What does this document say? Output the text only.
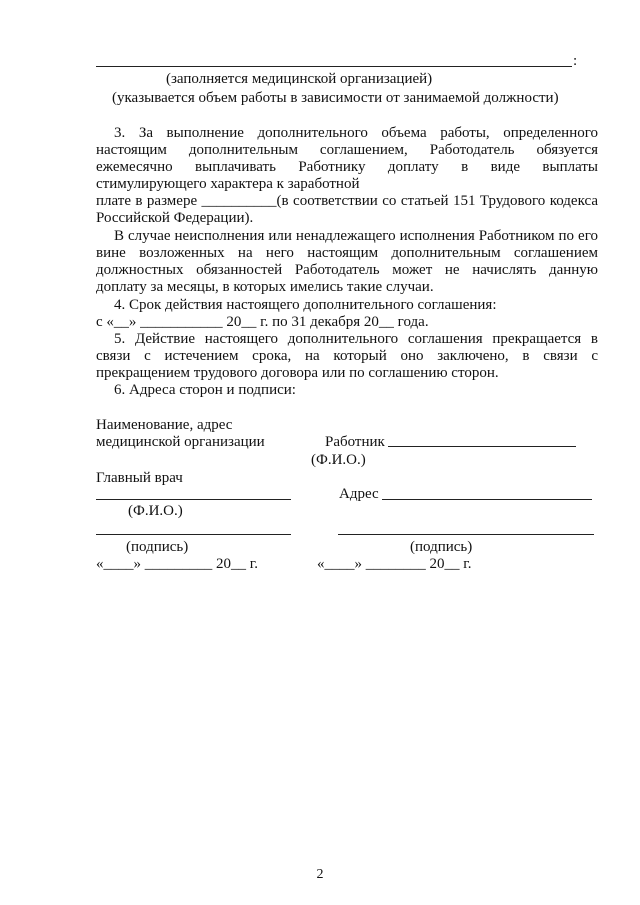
:
(заполняется медицинской организацией)
(указывается объем работы в зависимости от занимаемой должности)
3. За выполнение дополнительного объема работы, определенного
настоящим дополнительным соглашением, Работодатель обязуется
ежемесячно выплачивать Работнику доплату в виде выплаты
стимулирующего характера к заработной
плате в размере __________(в соответствии со статьей 151 Трудового кодекса
Российской Федерации).
В случае неисполнения или ненадлежащего исполнения Работником по его
вине возложенных на него настоящим дополнительным соглашением
должностных обязанностей Работодатель может не начислять данную
доплату за месяцы, в которых имелись такие случаи.
4. Срок действия настоящего дополнительного соглашения:
с «__» ___________ 20__ г. по 31 декабря 20__ года.
5. Действие настоящего дополнительного соглашения прекращается в
связи с истечением срока, на который оно заключено, в связи с
прекращением трудового договора или по соглашению сторон.
6. Адреса сторон и подписи:
Наименование, адрес
медицинской организации	Работник
(Ф.И.О.)
Главный врач
Адрес
(Ф.И.О.)
(подпись)	(подпись)
«____» _________ 20__ г.	«____» ________ 20__ г.
2
